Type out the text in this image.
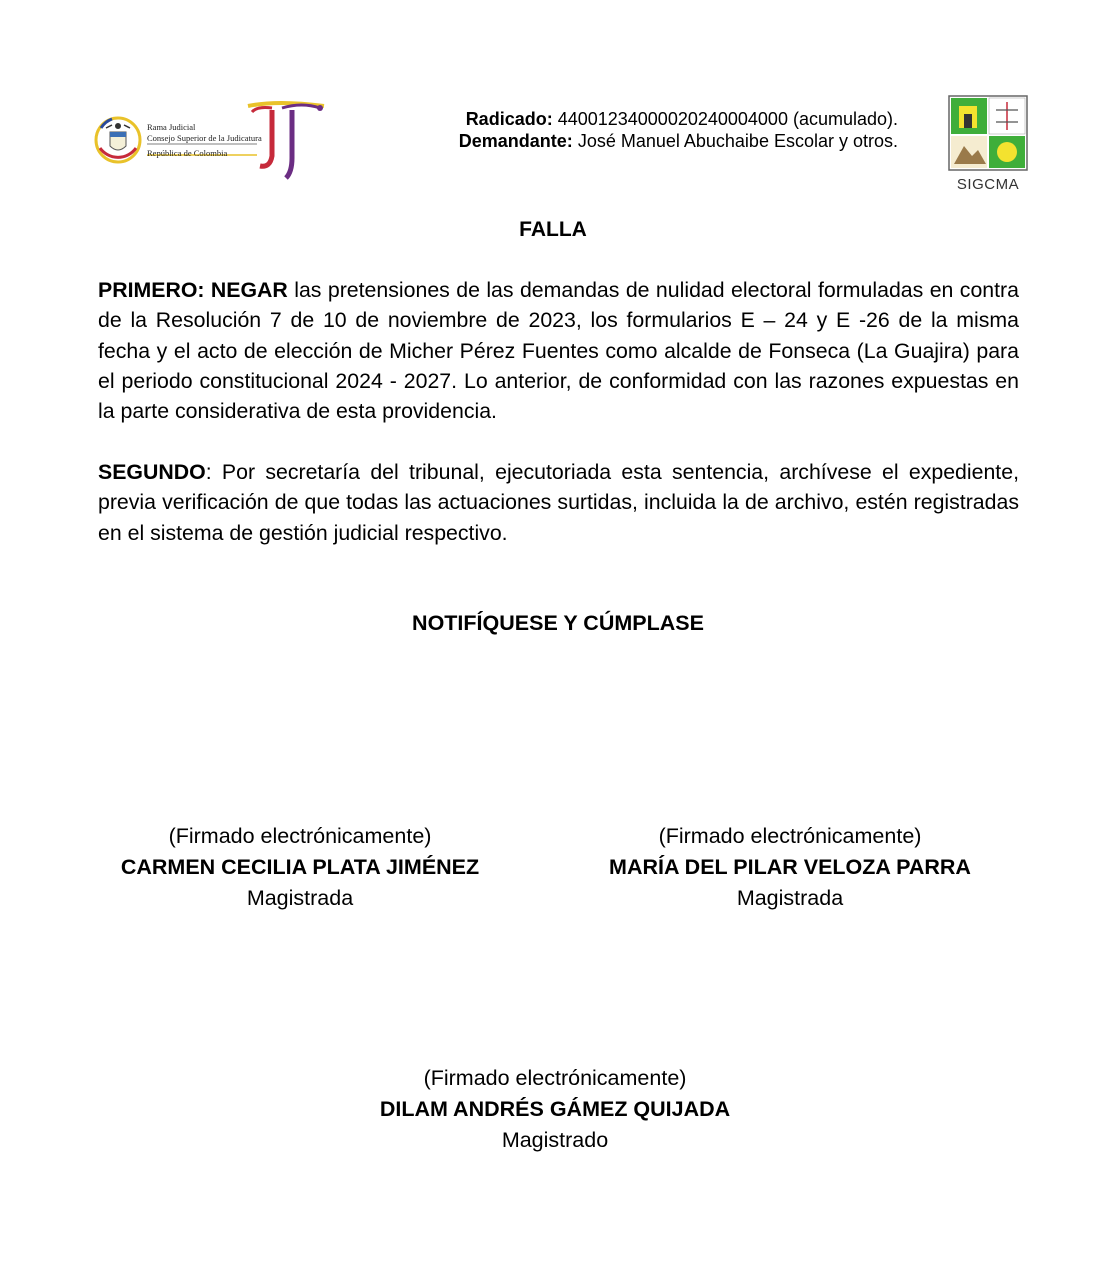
Rama Judicial
Consejo Superior de la Judicatura
República de Colombia
Radicado: 44001234000020240004000 (acumulado).
Demandante: José Manuel Abuchaibe Escolar y otros.
SIGCMA
FALLA
PRIMERO: NEGAR las pretensiones de las demandas de nulidad electoral formuladas en contra de la Resolución 7 de 10 de noviembre de 2023, los formularios E – 24 y E -26 de la misma fecha y el acto de elección de Micher Pérez Fuentes como alcalde de Fonseca (La Guajira) para el periodo constitucional 2024 - 2027. Lo anterior, de conformidad con las razones expuestas en la parte considerativa de esta providencia.
SEGUNDO: Por secretaría del tribunal, ejecutoriada esta sentencia, archívese el expediente, previa verificación de que todas las actuaciones surtidas, incluida la de archivo, estén registradas en el sistema de gestión judicial respectivo.
NOTIFÍQUESE Y CÚMPLASE
(Firmado electrónicamente)
CARMEN CECILIA PLATA JIMÉNEZ
Magistrada
(Firmado electrónicamente)
MARÍA DEL PILAR VELOZA PARRA
Magistrada
(Firmado electrónicamente)
DILAM ANDRÉS GÁMEZ QUIJADA
Magistrado
